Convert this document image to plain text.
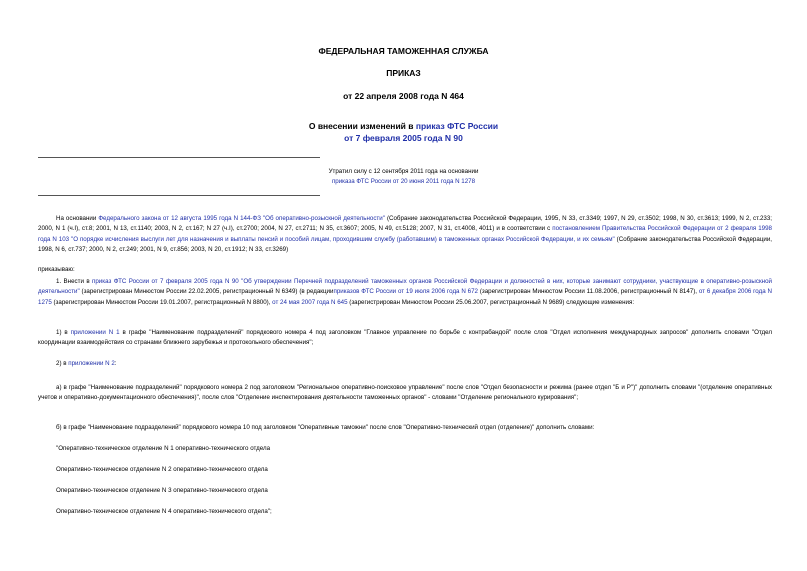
ФЕДЕРАЛЬНАЯ ТАМОЖЕННАЯ СЛУЖБА
ПРИКАЗ
от 22 апреля 2008 года N 464
О внесении изменений в приказ ФТС России
от 7 февраля 2005 года N 90
Утратил силу с 12 сентября 2011 года на основании
приказа ФТС России от 20 июня 2011 года N 1278
На основании Федерального закона от 12 августа 1995 года N 144-ФЗ "Об оперативно-розыскной деятельности" (Собрание законодательства Российской Федерации, 1995, N 33, ст.3349; 1997, N 29, ст.3502; 1998, N 30, ст.3613; 1999, N 2, ст.233; 2000, N 1 (ч.I), ст.8; 2001, N 13, ст.1140; 2003, N 2, ст.167; N 27 (ч.I), ст.2700; 2004, N 27, ст.2711; N 35, ст.3607; 2005, N 49, ст.5128; 2007, N 31, ст.4008, 4011) и в соответствии с постановлением Правительства Российской Федерации от 2 февраля 1998 года N 103 "О порядке исчисления выслуги лет для назначения и выплаты пенсий и пособий лицам, проходившим службу (работавшим) в таможенных органах Российской Федерации, и их семьям" (Собрание законодательства Российской Федерации, 1998, N 6, ст.737; 2000, N 2, ст.249; 2001, N 9, ст.856; 2003, N 20, ст.1912; N 33, ст.3269)
приказываю:
1. Внести в приказ ФТС России от 7 февраля 2005 года N 90 "Об утверждении Перечней подразделений таможенных органов Российской Федерации и должностей в них, которые занимают сотрудники, участвующие в оперативно-розыскной деятельности" (зарегистрирован Минюстом России 22.02.2005, регистрационный N 6349) (в редакцииприказов ФТС России от 19 июля 2006 года N 672 (зарегистрирован Минюстом России 11.08.2006, регистрационный N 8147), от 6 декабря 2006 года N 1275 (зарегистрирован Минюстом России 19.01.2007, регистрационный N 8800), от 24 мая 2007 года N 645 (зарегистрирован Минюстом России 25.06.2007, регистрационный N 9689) следующие изменения:
1) в приложении N 1 в графе "Наименование подразделений" порядкового номера 4 под заголовком "Главное управление по борьбе с контрабандой" после слов "Отдел исполнения международных запросов" дополнить словами "Отдел координации взаимодействия со странами ближнего зарубежья и протокольного обеспечения";
2) в приложении N 2:
а) в графе "Наименование подразделений" порядкового номера 2 под заголовком "Региональное оперативно-поисковое управление" после слов "Отдел безопасности и режима (ранее отдел "Б и Р")" дополнить словами "(отделение оперативных учетов и оперативно-документационного обеспечения)", после слов "Отделение инспектирования деятельности таможенных органов" - словами "Отделение регионального курирования";
б) в графе "Наименование подразделений" порядкового номера 10 под заголовком "Оперативные таможни" после слов "Оперативно-технический отдел (отделение)" дополнить словами:
"Оперативно-техническое отделение N 1 оперативно-технического отдела
Оперативно-техническое отделение N 2 оперативно-технического отдела
Оперативно-техническое отделение N 3 оперативно-технического отдела
Оперативно-техническое отделение N 4 оперативно-технического отдела";
